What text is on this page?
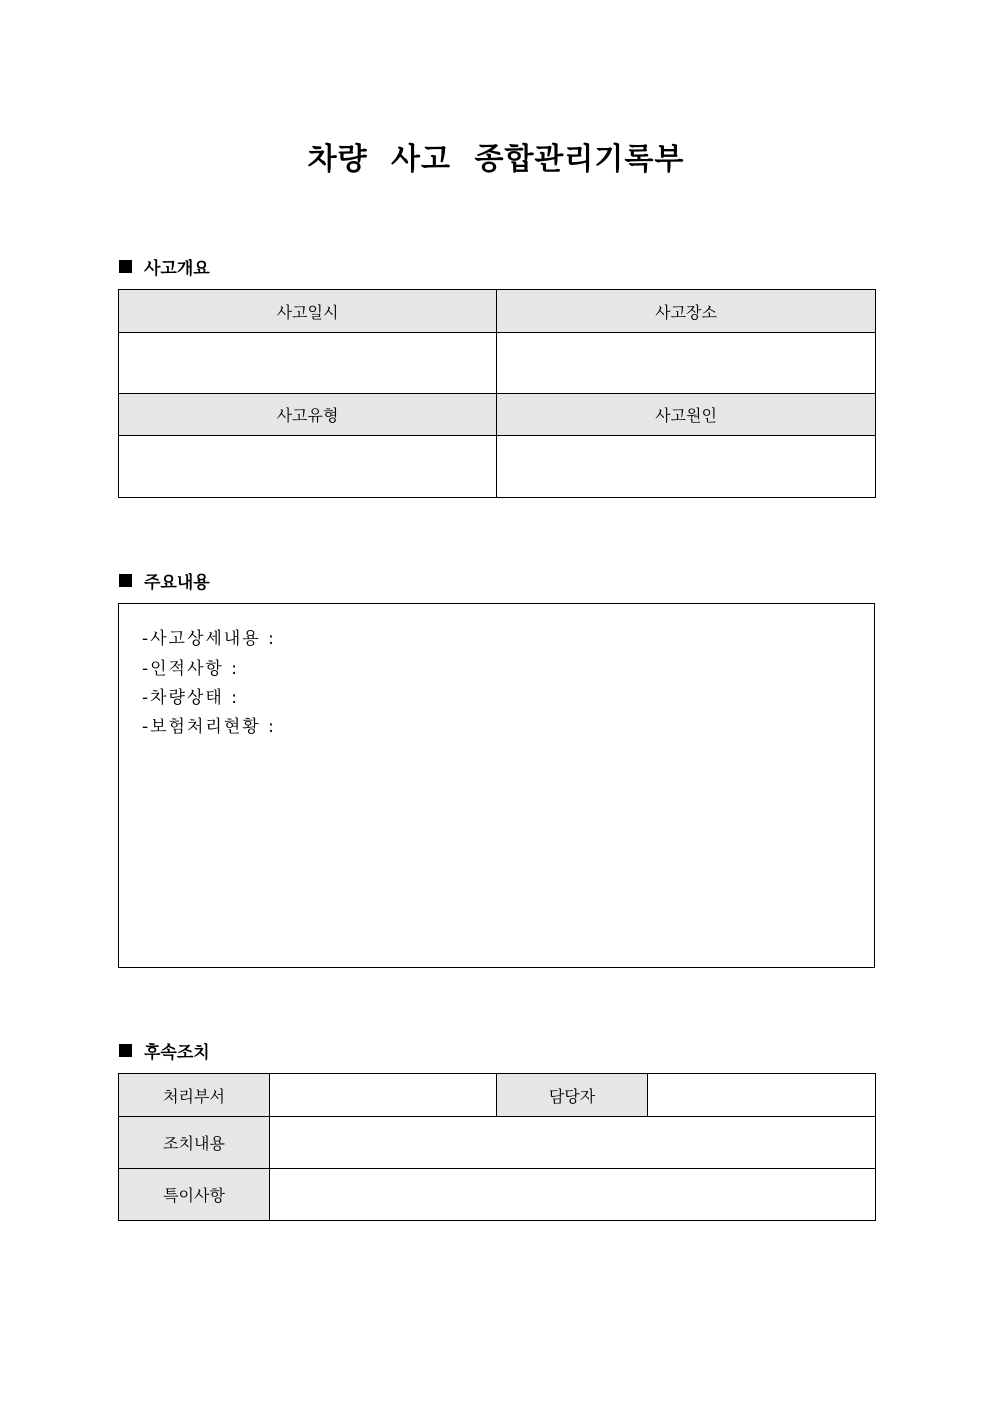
차량 사고 종합관리기록부
사고개요
사고일시	사고장소

사고유형	사고원인

주요내용
-사고상세내용 :
-인적사항 :
-차량상태 :
-보험처리현황 :
후속조치
처리부서		담당자	
조치내용			
특이사항			
